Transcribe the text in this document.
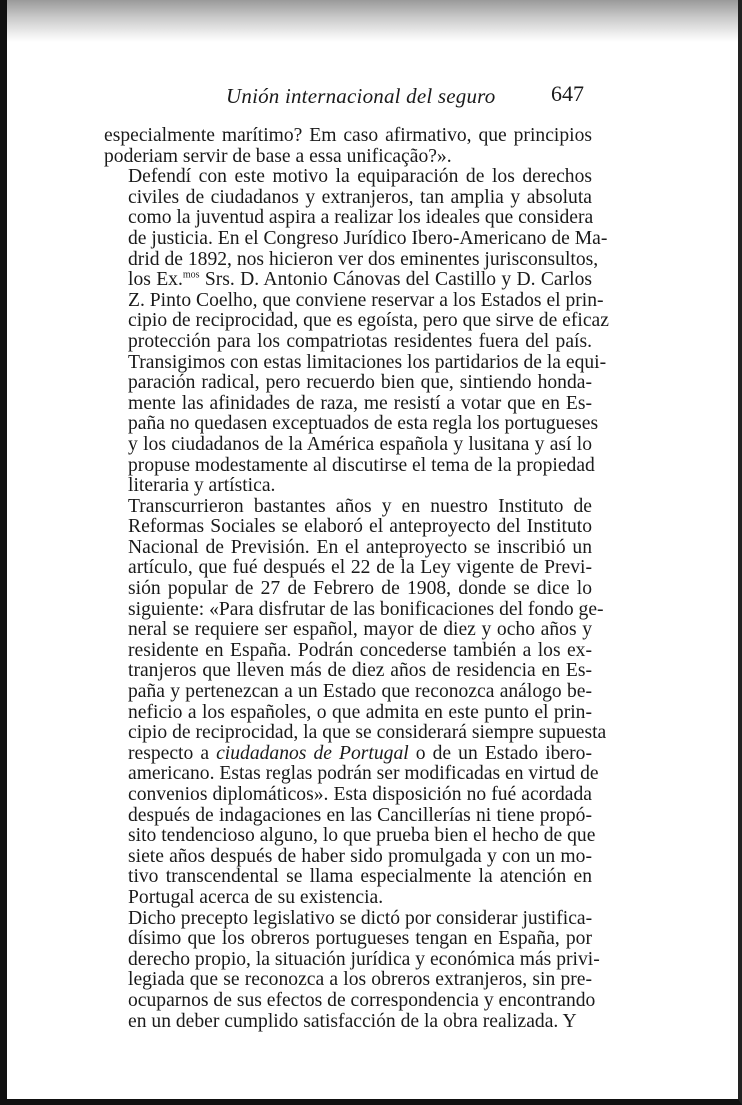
Unión internacional del seguro	647

especialmente marítimo? Em caso afirmativo, que principios
poderiam servir de base a essa unificação?».

Defendí con este motivo la equiparación de los derechos
civiles de ciudadanos y extranjeros, tan amplia y absoluta
como la juventud aspira a realizar los ideales que considera
de justicia. En el Congreso Jurídico Ibero-Americano de Ma-
drid de 1892, nos hicieron ver dos eminentes jurisconsultos,
los Ex.$^{mos}$ Srs. D. Antonio Cánovas del Castillo y D. Carlos
Z. Pinto Coelho, que conviene reservar a los Estados el prin-
cipio de reciprocidad, que es egoísta, pero que sirve de eficaz
protección para los compatriotas residentes fuera del país.
Transigimos con estas limitaciones los partidarios de la equi-
paración radical, pero recuerdo bien que, sintiendo honda-
mente las afinidades de raza, me resistí a votar que en Es-
paña no quedasen exceptuados de esta regla los portugueses
y los ciudadanos de la América española y lusitana y así lo
propuse modestamente al discutirse el tema de la propiedad
literaria y artística.

Transcurrieron bastantes años y en nuestro Instituto de
Reformas Sociales se elaboró el anteproyecto del Instituto
Nacional de Previsión. En el anteproyecto se inscribió un
artículo, que fué después el 22 de la Ley vigente de Previ-
sión popular de 27 de Febrero de 1908, donde se dice lo
siguiente: «Para disfrutar de las bonificaciones del fondo ge-
neral se requiere ser español, mayor de diez y ocho años y
residente en España. Podrán concederse también a los ex-
tranjeros que lleven más de diez años de residencia en Es-
paña y pertenezcan a un Estado que reconozca análogo be-
neficio a los españoles, o que admita en este punto el prin-
cipio de reciprocidad, la que se considerará siempre supuesta
respecto a ciudadanos de Portugal o de un Estado ibero-
americano. Estas reglas podrán ser modificadas en virtud de
convenios diplomáticos». Esta disposición no fué acordada
después de indagaciones en las Cancillerías ni tiene propó-
sito tendencioso alguno, lo que prueba bien el hecho de que
siete años después de haber sido promulgada y con un mo-
tivo transcendental se llama especialmente la atención en
Portugal acerca de su existencia.

Dicho precepto legislativo se dictó por considerar justifica-
dísimo que los obreros portugueses tengan en España, por
derecho propio, la situación jurídica y económica más privi-
legiada que se reconozca a los obreros extranjeros, sin pre-
ocuparnos de sus efectos de correspondencia y encontrando
en un deber cumplido satisfacción de la obra realizada. Y
